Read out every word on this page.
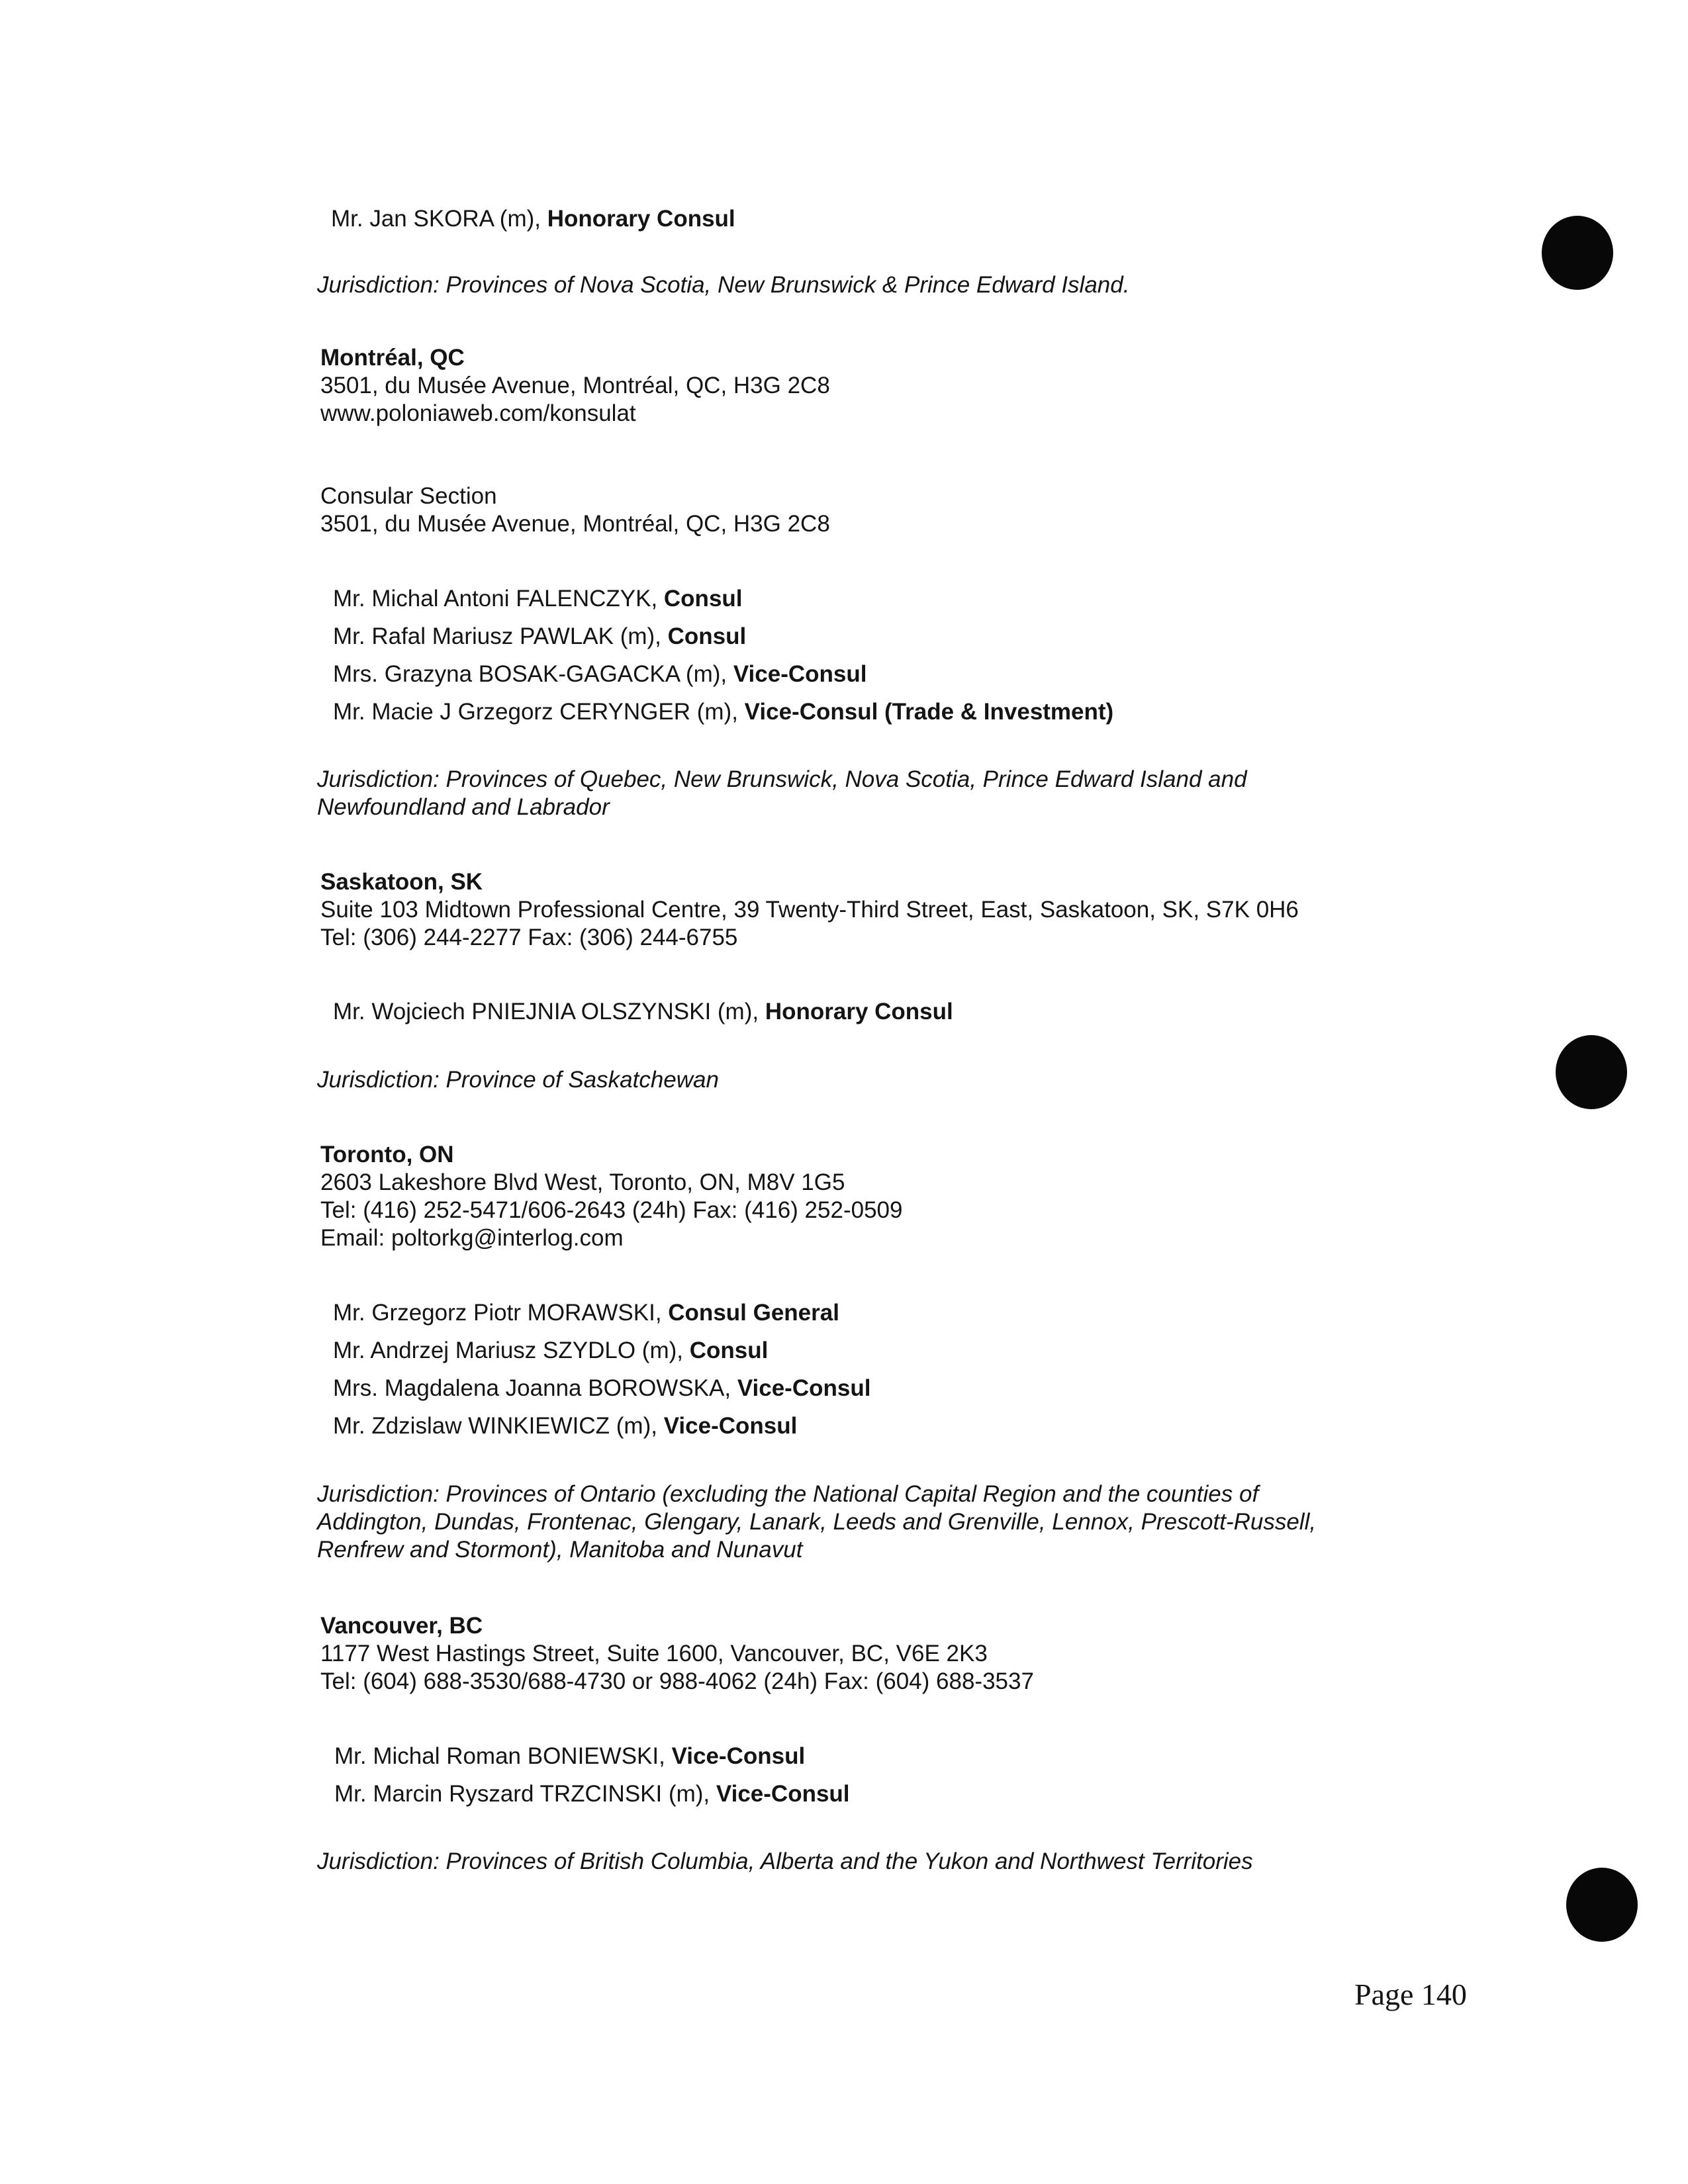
Mr. Jan SKORA (m), Honorary Consul
Jurisdiction: Provinces of Nova Scotia, New Brunswick & Prince Edward Island.
Montréal, QC
3501, du Musée Avenue, Montréal, QC, H3G 2C8
www.poloniaweb.com/konsulat
Consular Section
3501, du Musée Avenue, Montréal, QC, H3G 2C8
Mr. Michal Antoni FALENCZYK, Consul
Mr. Rafal Mariusz PAWLAK (m), Consul
Mrs. Grazyna BOSAK-GAGACKA (m), Vice-Consul
Mr. Macie J Grzegorz CERYNGER (m), Vice-Consul (Trade & Investment)
Jurisdiction: Provinces of Quebec, New Brunswick, Nova Scotia, Prince Edward Island and
Newfoundland and Labrador
Saskatoon, SK
Suite 103 Midtown Professional Centre, 39 Twenty-Third Street, East, Saskatoon, SK, S7K 0H6
Tel: (306) 244-2277 Fax: (306) 244-6755
Mr. Wojciech PNIEJNIA OLSZYNSKI (m), Honorary Consul
Jurisdiction: Province of Saskatchewan
Toronto, ON
2603 Lakeshore Blvd West, Toronto, ON, M8V 1G5
Tel: (416) 252-5471/606-2643 (24h) Fax: (416) 252-0509
Email: poltorkg@interlog.com
Mr. Grzegorz Piotr MORAWSKI, Consul General
Mr. Andrzej Mariusz SZYDLO (m), Consul
Mrs. Magdalena Joanna BOROWSKA, Vice-Consul
Mr. Zdzislaw WINKIEWICZ (m), Vice-Consul
Jurisdiction: Provinces of Ontario (excluding the National Capital Region and the counties of
Addington, Dundas, Frontenac, Glengary, Lanark, Leeds and Grenville, Lennox, Prescott-Russell,
Renfrew and Stormont), Manitoba and Nunavut
Vancouver, BC
1177 West Hastings Street, Suite 1600, Vancouver, BC, V6E 2K3
Tel: (604) 688-3530/688-4730 or 988-4062 (24h) Fax: (604) 688-3537
Mr. Michal Roman BONIEWSKI, Vice-Consul
Mr. Marcin Ryszard TRZCINSKI (m), Vice-Consul
Jurisdiction: Provinces of British Columbia, Alberta and the Yukon and Northwest Territories
Page 140
